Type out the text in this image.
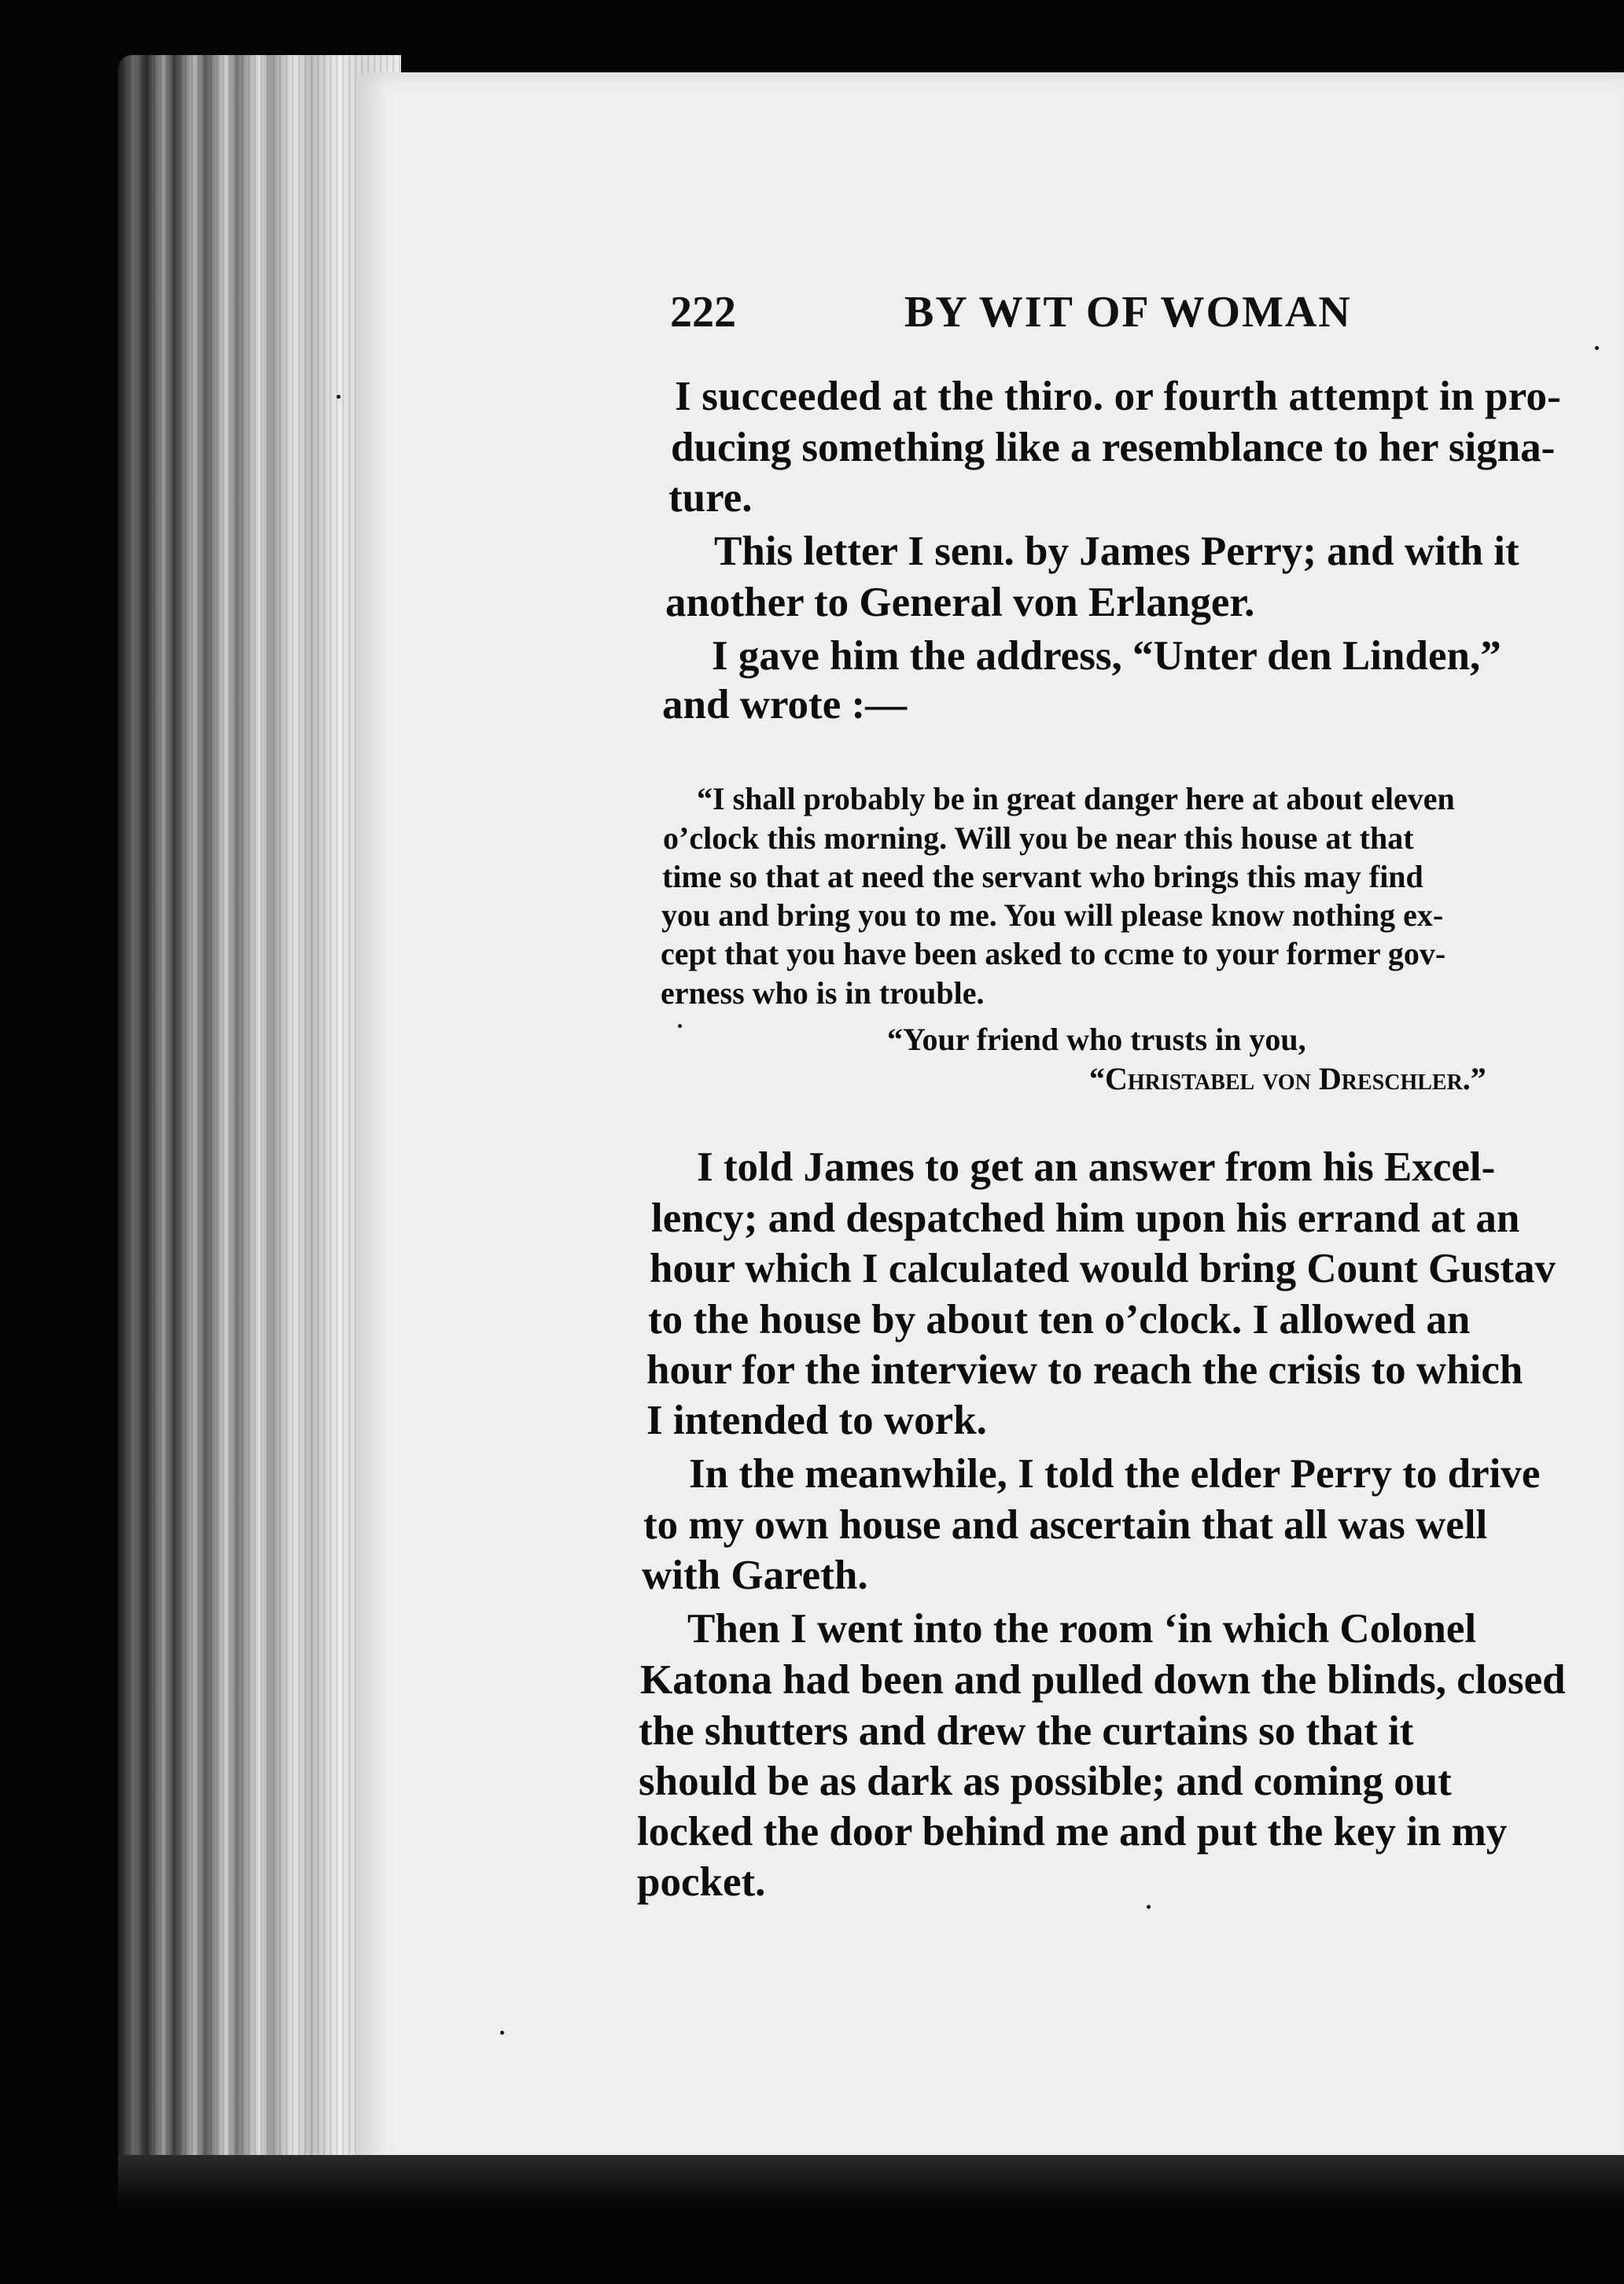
222	BY WIT OF WOMAN
I succeeded at the thirᴏ. or fourth attempt in pro-
ducing something like a resemblance to her signa-
ture.
This letter I senı. by James Perry; and with it
another to General von Erlanger.
I gave him the address, “Unter den Linden,”
and wrote :—
“I shall probably be in great danger here at about eleven
o’clock this morning. Will you be near this house at that
time so that at need the servant who brings this may find
you and bring you to me. You will please know nothing ex-
cept that you have been asked to cᴄme to your former gov-
erness who is in trouble.
“Your friend who trusts in you,
“Christabel von Dreschler.”
I told James to get an answer from his Excel-
lency; and despatched him upon his errand at an
hour which I calculated would bring Count Gustav
to the house by about ten o’clock. I allowed an
hour for the interview to reach the crisis to which
I intended to work.
In the meanwhile, I told the elder Perry to drive
to my own house and ascertain that all was well
with Gareth.
Then I went into the room ‘in which Colonel
Katona had been and pulled down the blinds, closed
the shutters and drew the curtains so that it
should be as dark as possible; and coming out
locked the door behind me and put the key in my
pocket.
